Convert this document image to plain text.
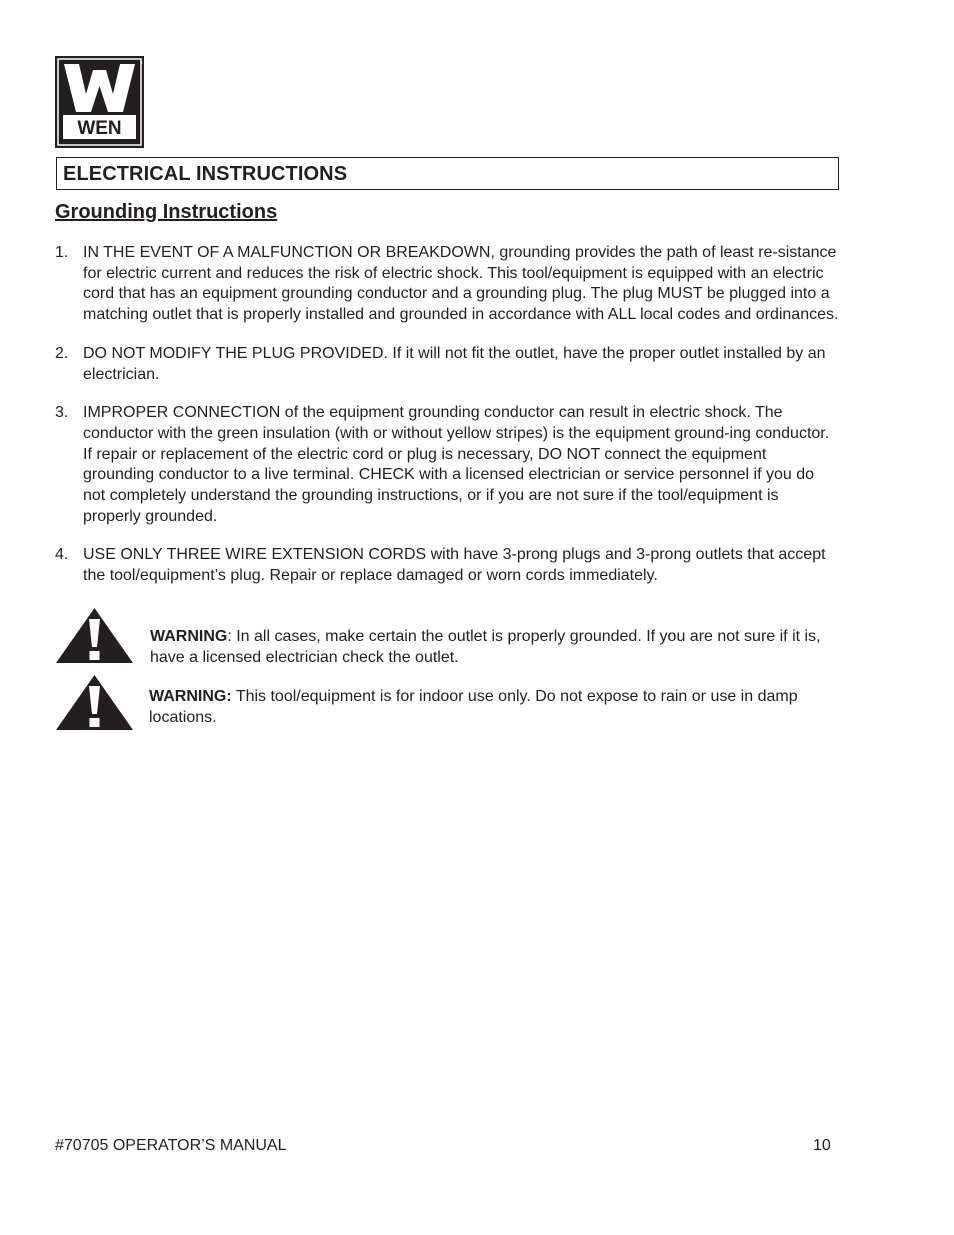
WEN
®
ELECTRICAL INSTRUCTIONS
Grounding Instructions
1. IN THE EVENT OF A MALFUNCTION OR BREAKDOWN, grounding provides the path of least re-sistance for electric current and reduces the risk of electric shock. This tool/equipment is equipped with an electric cord that has an equipment grounding conductor and a grounding plug. The plug MUST be plugged into a matching outlet that is properly installed and grounded in accordance with ALL local codes and ordinances.
2. DO NOT MODIFY THE PLUG PROVIDED. If it will not fit the outlet, have the proper outlet installed by an electrician.
3. IMPROPER CONNECTION of the equipment grounding conductor can result in electric shock. The conductor with the green insulation (with or without yellow stripes) is the equipment ground-ing conductor. If repair or replacement of the electric cord or plug is necessary, DO NOT connect the equipment grounding conductor to a live terminal. CHECK with a licensed electrician or service personnel if you do not completely understand the grounding instructions, or if you are not sure if the tool/equipment is properly grounded.
4. USE ONLY THREE WIRE EXTENSION CORDS with have 3-prong plugs and 3-prong outlets that accept the tool/equipment’s plug. Repair or replace damaged or worn cords immediately.
WARNING: In all cases, make certain the outlet is properly grounded. If you are not sure if it is, have a licensed electrician check the outlet.
WARNING: This tool/equipment is for indoor use only. Do not expose to rain or use in damp locations.
#70705 OPERATOR’S MANUAL	10
